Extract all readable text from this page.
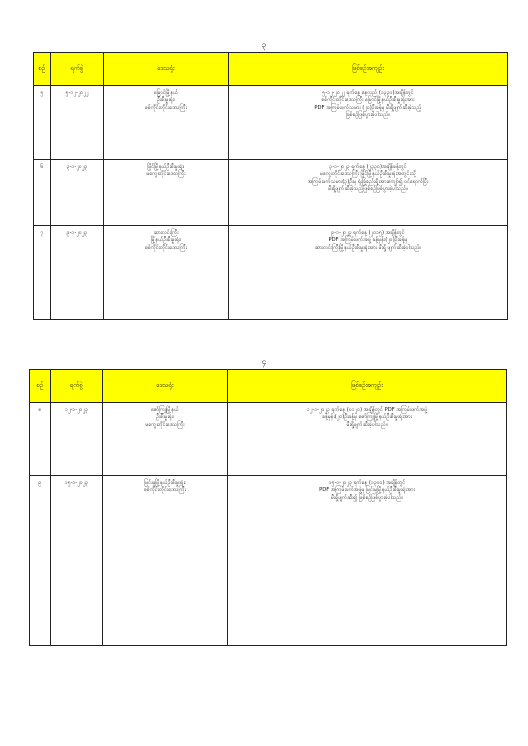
၃
စဉ်	ရက်စွဲ	ဒေသရုံး	ဖြစ်စဉ်အကျဉ်း

၅	၅-၁၂-၂၀၂၂	မြောင်မြို့နယ်
ဦးစီးမှူးရုံး၊
စစ်ကိုင်းတိုင်းဒေသကြီး	၅-၁၂-၂၀၂၂ ရက်နေ့ နေ့လည် (၁၃၃၀)အချိန်တွင်
စစ်ကိုင်းတိုင်းဒေသကြီး မြောင်မြို့နယ်ဦးစီးမှူးရုံးအား
PDF အကြမ်းဖက်သမား (၂၀)ဦးခန့်မှ မီးရှို့ဖျက်ဆီးခဲ့သည့်
ဖြစ်စဉ်ဖြစ်ပွားခဲ့ပါသည်။

၆	၃-၁-၂၀၂၃	မြိုင်မြို့နယ်ဦးစီးမှူးရုံး၊
မကွေးတိုင်းဒေသကြီး	၃-၁-၂၀၂၃ ရက်နေ့ (၂၃၃၀)အချိန်ခန့်တွင်
မကွေးတိုင်းဒေသကြီး မြိုင်မြို့နယ်ဦးစီးမှူးရုံးအတွင်းသို့
အကြမ်းဖက်သမား(၃)ဦးမှ ရုံးခြံစည်းရိုးအားကျော်၍ ဝင်ရောက်ပြီး
မီးရှို့ဖျက်ဆီးခဲ့သည့်ဖြစ်စဉ်ဖြစ်ပွားခဲ့ပါသည်။

၇	၉-၁-၂၀၂၃	ဆားလင်းကြီး
မြို့နယ်ဦးစီးမှူးရုံး၊
စစ်ကိုင်းတိုင်းဒေသကြီး	၉-၁-၂၀၂၃ ရက်နေ့ (၂၀၁၅) အချိန်တွင်
PDF အကြမ်းဖက်အဖွဲ့ ခန့်မှန်း(၂၀)ဦးခန့်မှ
ဆားလင်းကြီးမြို့နယ်ဦးစီးမှူးရုံးအား မီးရှို့ ဖျက်ဆီးခဲ့ပါသည်။
၄
စဉ်	ရက်စွဲ	ဒေသရုံး	ဖြစ်စဉ်အကျဉ်း

၈	၁၂-၁-၂၀၂၃	ဇော်ကြူမြို့နယ်
ဦးစီးမှူးရုံး၊
မကွေးတိုင်းဒေသကြီး	၁၂-၁-၂၀၂၃ ရက်နေ့ (၀၁၂၀) အချိန်တွင် PDF အကြမ်းဖက်အဖွဲ့
ခန့်မှန်း(၂၀)ဦးခန့်မှ ဇော်ကြူမြို့နယ်ဦးစီးမှူးရုံးအား
မီးရှို့ဖျက်ဆီးခဲ့ပါသည်။

၉	၁၅-၁-၂၀၂၃	မြင်းမူမြို့နယ်ဦးစီးမှူးရုံး၊
စစ်ကိုင်းတိုင်းဒေသကြီး	၁၅-၁-၂၀၂၃ ရက်နေ့ (၁၃၀၀) အချိန်တွင်
PDF အကြမ်းဖက်အဖွဲ့မှ မြင်းမူမြို့နယ်ဦးစီးမှူးရုံးအား
မီးရှို့ဖျက်ဆီး၍ ဖြစ်စဉ်ဖြစ်ပွားခဲ့ပါသည်။
